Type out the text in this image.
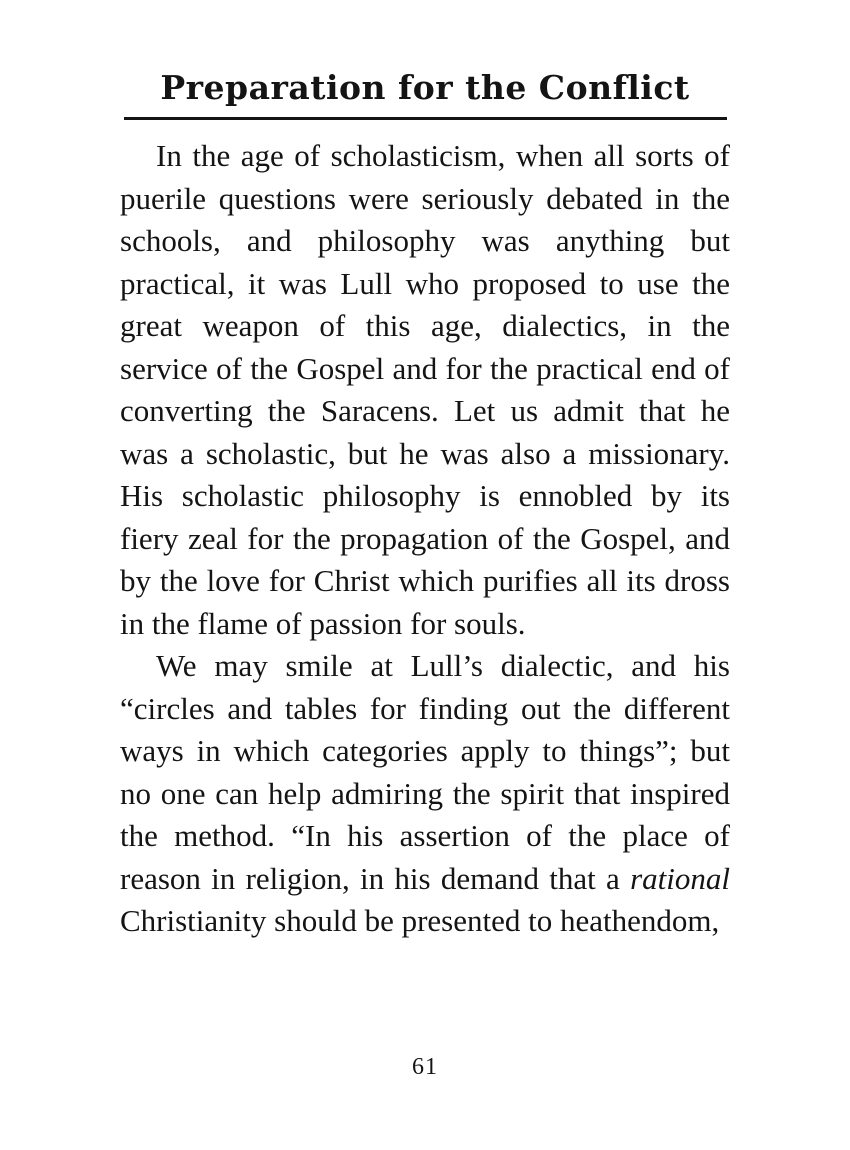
Preparation for the Conflict

In the age of scholasticism, when all sorts of puerile questions were seriously debated in the schools, and philosophy was anything but practical, it was Lull who proposed to use the great weapon of this age, dialectics, in the service of the Gospel and for the practical end of converting the Saracens. Let us admit that he was a scholastic, but he was also a missionary. His scholastic philosophy is ennobled by its fiery zeal for the propagation of the Gospel, and by the love for Christ which purifies all its dross in the flame of passion for souls.

We may smile at Lull’s dialectic, and his “circles and tables for finding out the different ways in which categories apply to things”; but no one can help admiring the spirit that inspired the method. “In his assertion of the place of reason in religion, in his demand that a rational Christianity should be presented to heathendom,

61
